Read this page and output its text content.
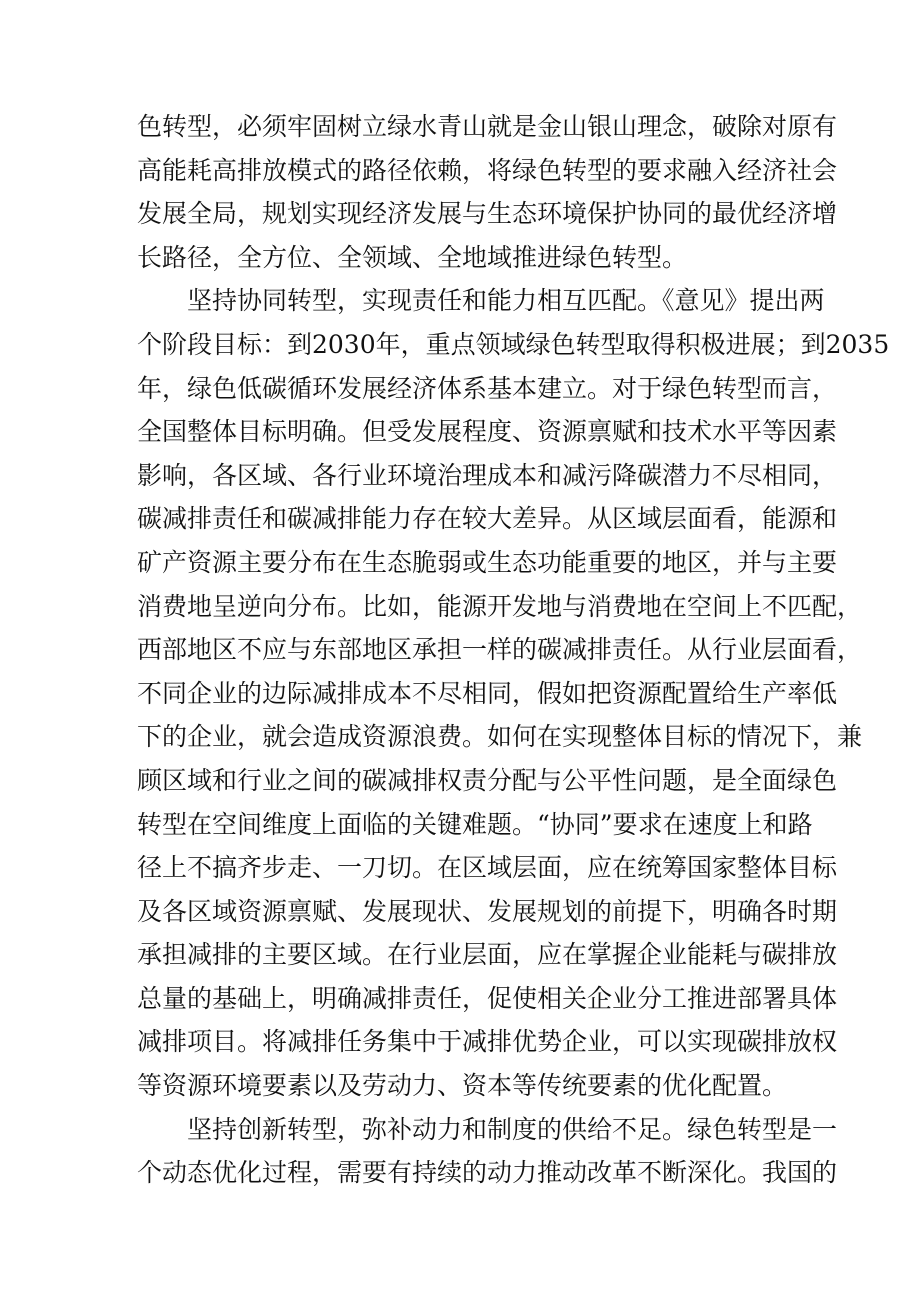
色转型，必须牢固树立绿水青山就是金山银山理念，破除对原有
高能耗高排放模式的路径依赖，将绿色转型的要求融入经济社会
发展全局，规划实现经济发展与生态环境保护协同的最优经济增
长路径，全方位、全领域、全地域推进绿色转型。
坚持协同转型，实现责任和能力相互匹配。《意见》提出两
个阶段目标：到2030年，重点领域绿色转型取得积极进展；到2035
年，绿色低碳循环发展经济体系基本建立。对于绿色转型而言，
全国整体目标明确。但受发展程度、资源禀赋和技术水平等因素
影响，各区域、各行业环境治理成本和减污降碳潜力不尽相同，
碳减排责任和碳减排能力存在较大差异。从区域层面看，能源和
矿产资源主要分布在生态脆弱或生态功能重要的地区，并与主要
消费地呈逆向分布。比如，能源开发地与消费地在空间上不匹配，
西部地区不应与东部地区承担一样的碳减排责任。从行业层面看，
不同企业的边际减排成本不尽相同，假如把资源配置给生产率低
下的企业，就会造成资源浪费。如何在实现整体目标的情况下，兼
顾区域和行业之间的碳减排权责分配与公平性问题，是全面绿色
转型在空间维度上面临的关键难题。“协同”要求在速度上和路
径上不搞齐步走、一刀切。在区域层面，应在统筹国家整体目标
及各区域资源禀赋、发展现状、发展规划的前提下，明确各时期
承担减排的主要区域。在行业层面，应在掌握企业能耗与碳排放
总量的基础上，明确减排责任，促使相关企业分工推进部署具体
减排项目。将减排任务集中于减排优势企业，可以实现碳排放权
等资源环境要素以及劳动力、资本等传统要素的优化配置。
坚持创新转型，弥补动力和制度的供给不足。绿色转型是一
个动态优化过程，需要有持续的动力推动改革不断深化。我国的
